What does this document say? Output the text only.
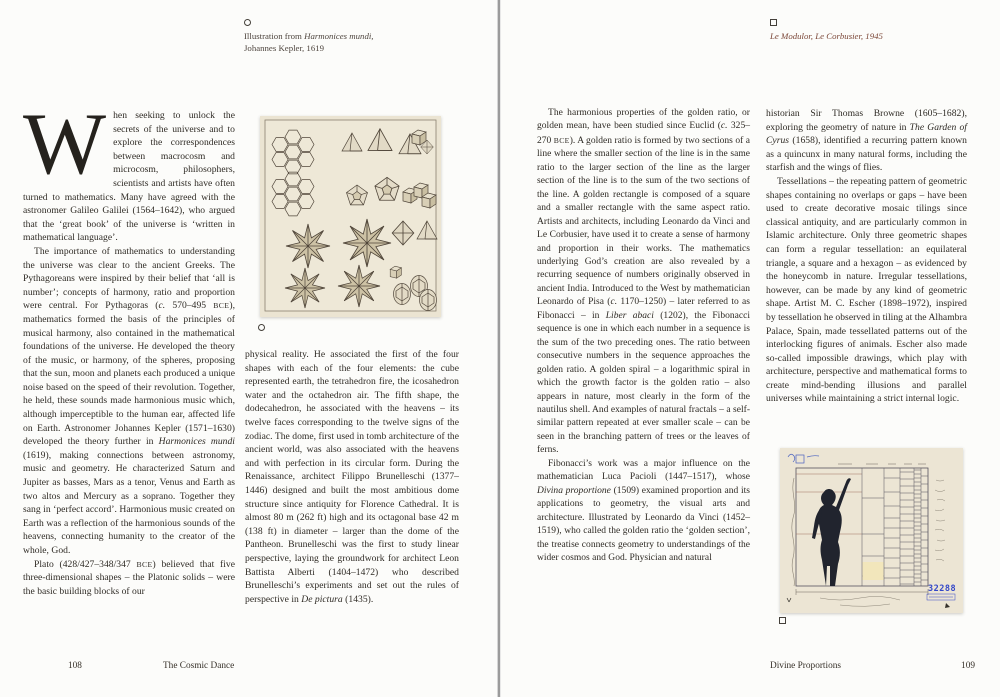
Illustration from Harmonices mundi,
Johannes Kepler, 1619
Le Modulor, Le Corbusier, 1945

When seeking to unlock the secrets of the universe and to explore the correspondences between macrocosm and microcosm, philosophers, scientists and artists have often turned to mathematics. Many have agreed with the astronomer Galileo Galilei (1564–1642), who argued that the ‘great book’ of the universe is ‘written in mathematical language’.

The importance of mathematics to understanding the universe was clear to the ancient Greeks. The Pythagoreans were inspired by their belief that ‘all is number’; concepts of harmony, ratio and proportion were central. For Pythagoras (c. 570–495 BCE), mathematics formed the basis of the principles of musical harmony, also contained in the mathematical foundations of the universe. He developed the theory of the music, or harmony, of the spheres, proposing that the sun, moon and planets each produced a unique noise based on the speed of their revolution. Together, he held, these sounds made harmonious music which, although imperceptible to the human ear, affected life on Earth. Astronomer Johannes Kepler (1571–1630) developed the theory further in Harmonices mundi (1619), making connections between astronomy, music and geometry. He characterized Saturn and Jupiter as basses, Mars as a tenor, Venus and Earth as two altos and Mercury as a soprano. Together they sang in ‘perfect accord’. Harmonious music created on Earth was a reflection of the harmonious sounds of the heavens, connecting humanity to the creator of the whole, God.

Plato (428/427–348/347 BCE) believed that five three-dimensional shapes – the Platonic solids – were the basic building blocks of our

physical reality. He associated the first of the four shapes with each of the four elements: the cube represented earth, the tetrahedron fire, the icosahedron water and the octahedron air. The fifth shape, the dodecahedron, he associated with the heavens – its twelve faces corresponding to the twelve signs of the zodiac. The dome, first used in tomb architecture of the ancient world, was also associated with the heavens and with perfection in its circular form. During the Renaissance, architect Filippo Brunelleschi (1377–1446) designed and built the most ambitious dome structure since antiquity for Florence Cathedral. It is almost 80 m (262 ft) high and its octagonal base 42 m (138 ft) in diameter – larger than the dome of the Pantheon. Brunelleschi was the first to study linear perspective, laying the groundwork for architect Leon Battista Alberti (1404–1472) who described Brunelleschi’s experiments and set out the rules of perspective in De pictura (1435).

The harmonious properties of the golden ratio, or golden mean, have been studied since Euclid (c. 325–270 BCE). A golden ratio is formed by two sections of a line where the smaller section of the line is in the same ratio to the larger section of the line as the larger section of the line is to the sum of the two sections of the line. A golden rectangle is composed of a square and a smaller rectangle with the same aspect ratio. Artists and architects, including Leonardo da Vinci and Le Corbusier, have used it to create a sense of harmony and proportion in their works. The mathematics underlying God’s creation are also revealed by a recurring sequence of numbers originally observed in ancient India. Introduced to the West by mathematician Leonardo of Pisa (c. 1170–1250) – later referred to as Fibonacci – in Liber abaci (1202), the Fibonacci sequence is one in which each number in a sequence is the sum of the two preceding ones. The ratio between consecutive numbers in the sequence approaches the golden ratio. A golden spiral – a logarithmic spiral in which the growth factor is the golden ratio – also appears in nature, most clearly in the form of the nautilus shell. And examples of natural fractals – a self-similar pattern repeated at ever smaller scale – can be seen in the branching pattern of trees or the leaves of ferns.

Fibonacci’s work was a major influence on the mathematician Luca Pacioli (1447–1517), whose Divina proportione (1509) examined proportion and its applications to geometry, the visual arts and architecture. Illustrated by Leonardo da Vinci (1452–1519), who called the golden ratio the ‘golden section’, the treatise connects geometry to understandings of the wider cosmos and God. Physician and natural

historian Sir Thomas Browne (1605–1682), exploring the geometry of nature in The Garden of Cyrus (1658), identified a recurring pattern known as a quincunx in many natural forms, including the starfish and the wings of flies.

Tessellations – the repeating pattern of geometric shapes containing no overlaps or gaps – have been used to create decorative mosaic tilings since classical antiquity, and are particularly common in Islamic architecture. Only three geometric shapes can form a regular tessellation: an equilateral triangle, a square and a hexagon – as evidenced by the honeycomb in nature. Irregular tessellations, however, can be made by any kind of geometric shape. Artist M. C. Escher (1898–1972), inspired by tessellation he observed in tiling at the Alhambra Palace, Spain, made tessellated patterns out of the interlocking figures of animals. Escher also made so-called impossible drawings, which play with architecture, perspective and mathematical forms to create mind-bending illusions and parallel universes while maintaining a strict internal logic.

32288
108	The Cosmic Dance	Divine Proportions	109
